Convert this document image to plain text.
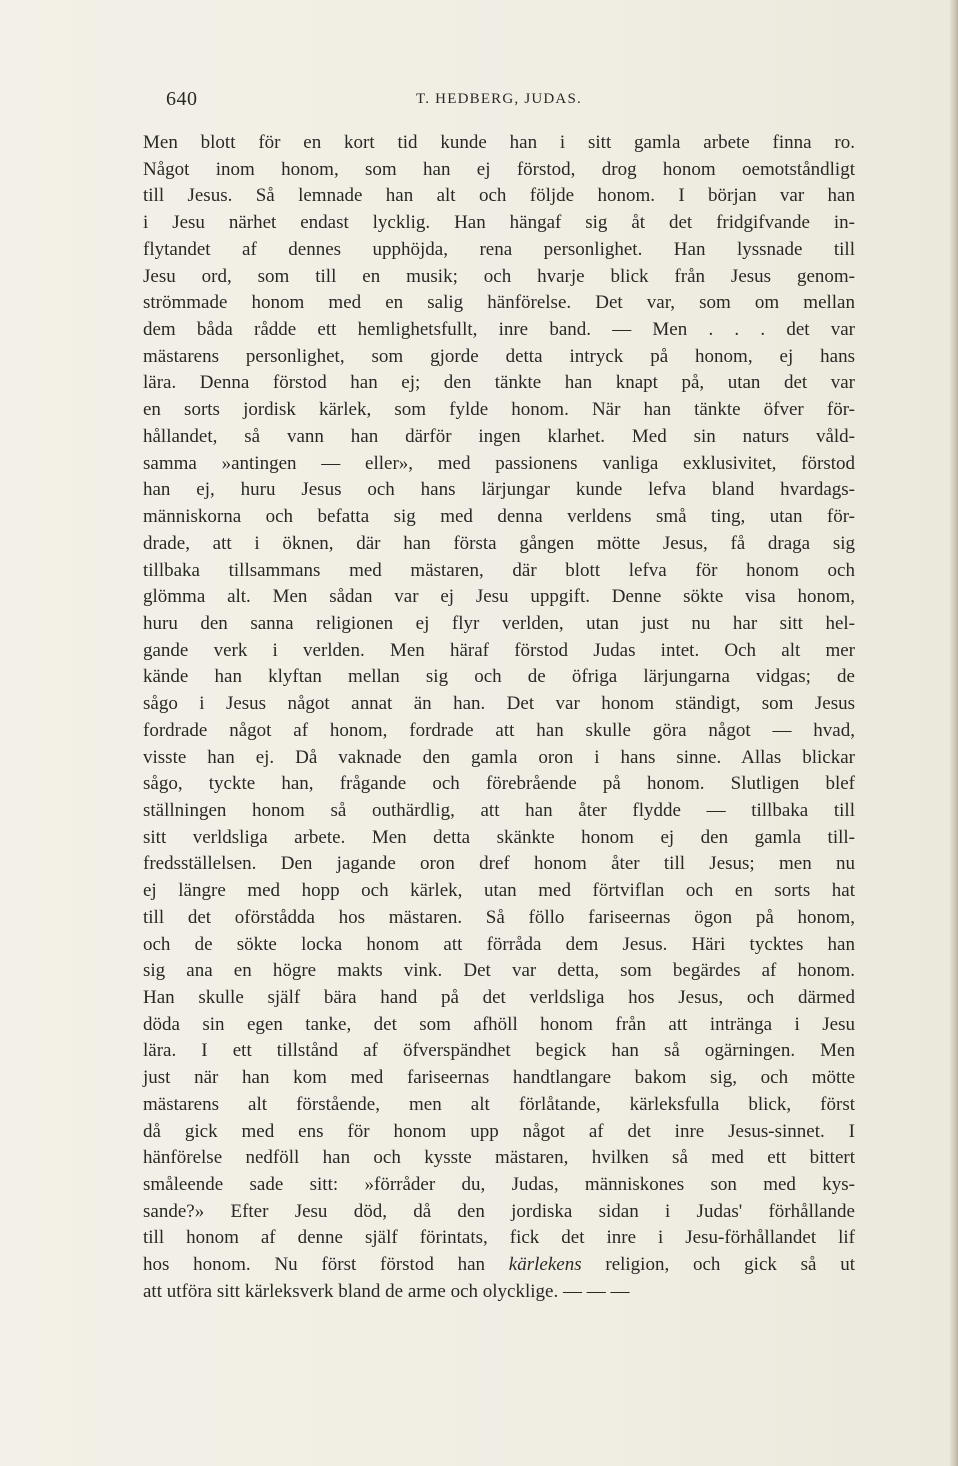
640	T. HEDBERG, JUDAS.
Men blott för en kort tid kunde han i sitt gamla arbete finna ro.
Något inom honom, som han ej förstod, drog honom oemotståndligt
till Jesus. Så lemnade han alt och följde honom. I början var han
i Jesu närhet endast lycklig. Han hängaf sig åt det fridgifvande in-
flytandet af dennes upphöjda, rena personlighet. Han lyssnade till
Jesu ord, som till en musik; och hvarje blick från Jesus genom-
strömmade honom med en salig hänförelse. Det var, som om mellan
dem båda rådde ett hemlighetsfullt, inre band. — Men . . . det var
mästarens personlighet, som gjorde detta intryck på honom, ej hans
lära. Denna förstod han ej; den tänkte han knapt på, utan det var
en sorts jordisk kärlek, som fylde honom. När han tänkte öfver för-
hållandet, så vann han därför ingen klarhet. Med sin naturs våld-
samma »antingen — eller», med passionens vanliga exklusivitet, förstod
han ej, huru Jesus och hans lärjungar kunde lefva bland hvardags-
människorna och befatta sig med denna verldens små ting, utan för-
drade, att i öknen, där han första gången mötte Jesus, få draga sig
tillbaka tillsammans med mästaren, där blott lefva för honom och
glömma alt. Men sådan var ej Jesu uppgift. Denne sökte visa honom,
huru den sanna religionen ej flyr verlden, utan just nu har sitt hel-
gande verk i verlden. Men häraf förstod Judas intet. Och alt mer
kände han klyftan mellan sig och de öfriga lärjungarna vidgas; de
sågo i Jesus något annat än han. Det var honom ständigt, som Jesus
fordrade något af honom, fordrade att han skulle göra något — hvad,
visste han ej. Då vaknade den gamla oron i hans sinne. Allas blickar
sågo, tyckte han, frågande och förebrående på honom. Slutligen blef
ställningen honom så outhärdlig, att han åter flydde — tillbaka till
sitt verldsliga arbete. Men detta skänkte honom ej den gamla till-
fredsställelsen. Den jagande oron dref honom åter till Jesus; men nu
ej längre med hopp och kärlek, utan med förtviflan och en sorts hat
till det oförstådda hos mästaren. Så föllo fariseernas ögon på honom,
och de sökte locka honom att förråda dem Jesus. Häri tycktes han
sig ana en högre makts vink. Det var detta, som begärdes af honom.
Han skulle själf bära hand på det verldsliga hos Jesus, och därmed
döda sin egen tanke, det som afhöll honom från att intränga i Jesu
lära. I ett tillstånd af öfverspändhet begick han så ogärningen. Men
just när han kom med fariseernas handtlangare bakom sig, och mötte
mästarens alt förstående, men alt förlåtande, kärleksfulla blick, först
då gick med ens för honom upp något af det inre Jesus-sinnet. I
hänförelse nedföll han och kysste mästaren, hvilken så med ett bittert
småleende sade sitt: »förråder du, Judas, människones son med kys-
sande?» Efter Jesu död, då den jordiska sidan i Judas' förhållande
till honom af denne själf förintats, fick det inre i Jesu-förhållandet lif
hos honom. Nu först förstod han kärlekens religion, och gick så ut
att utföra sitt kärleksverk bland de arme och olycklige. — — —
